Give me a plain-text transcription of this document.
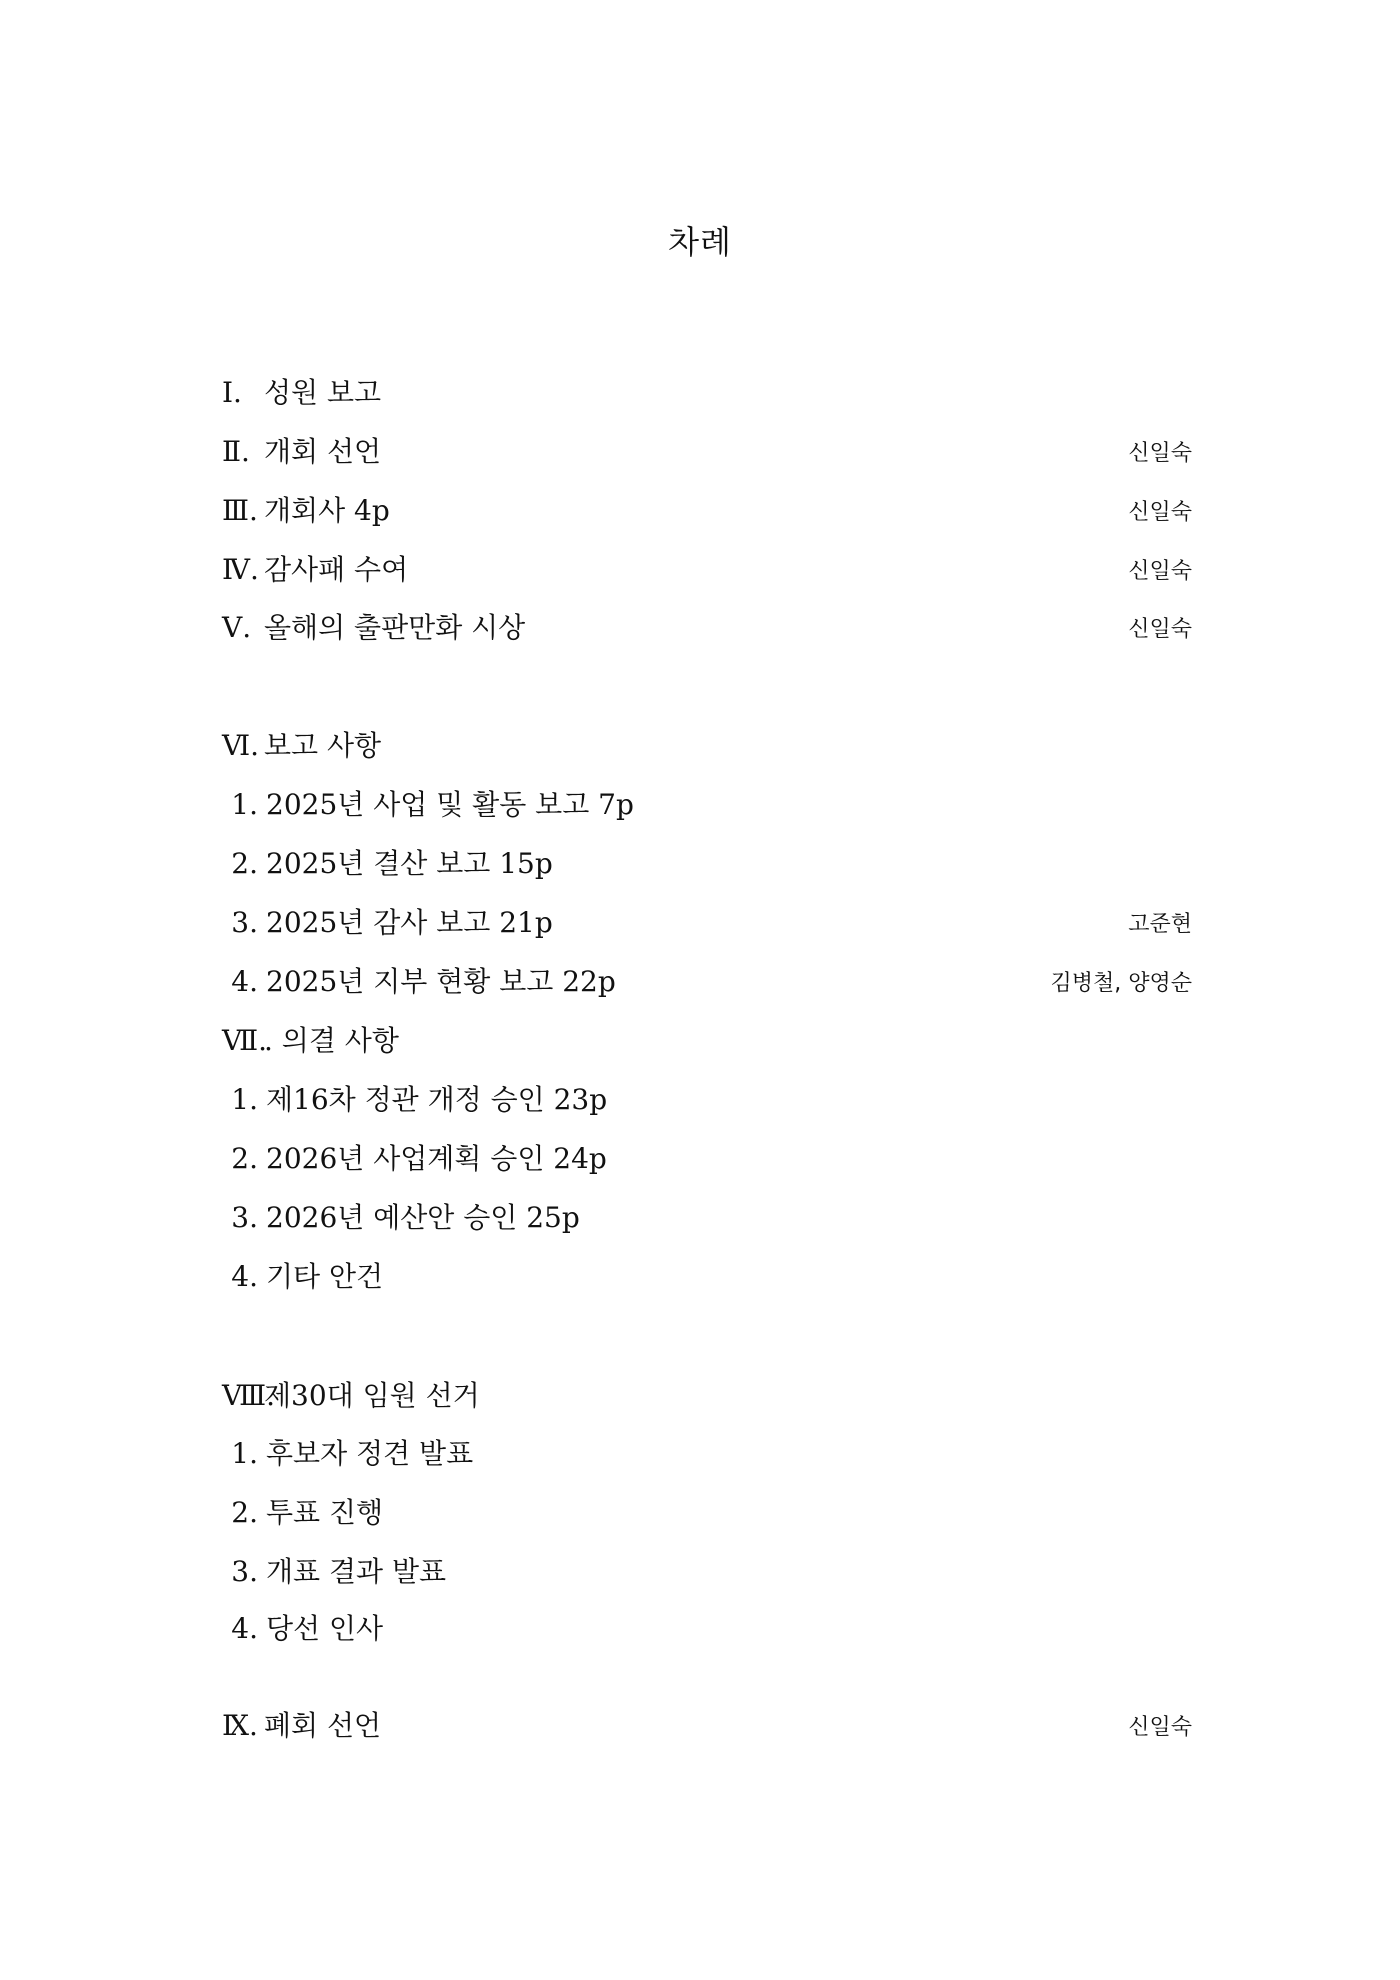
차례
Ⅰ. 성원 보고
Ⅱ. 개회 선언	신일숙
Ⅲ. 개회사 4p	신일숙
Ⅳ. 감사패 수여	신일숙
Ⅴ. 올해의 출판만화 시상	신일숙
Ⅵ. 보고 사항
1. 2025년 사업 및 활동 보고 7p
2. 2025년 결산 보고 15p
3. 2025년 감사 보고 21p	고준현
4. 2025년 지부 현황 보고 22p	김병철, 양영순
Ⅶ.. 의결 사항
1. 제16차 정관 개정 승인 23p
2. 2026년 사업계획 승인 24p
3. 2026년 예산안 승인 25p
4. 기타 안건
Ⅷ.제30대 임원 선거
1. 후보자 정견 발표
2. 투표 진행
3. 개표 결과 발표
4. 당선 인사
Ⅸ. 폐회 선언	신일숙
